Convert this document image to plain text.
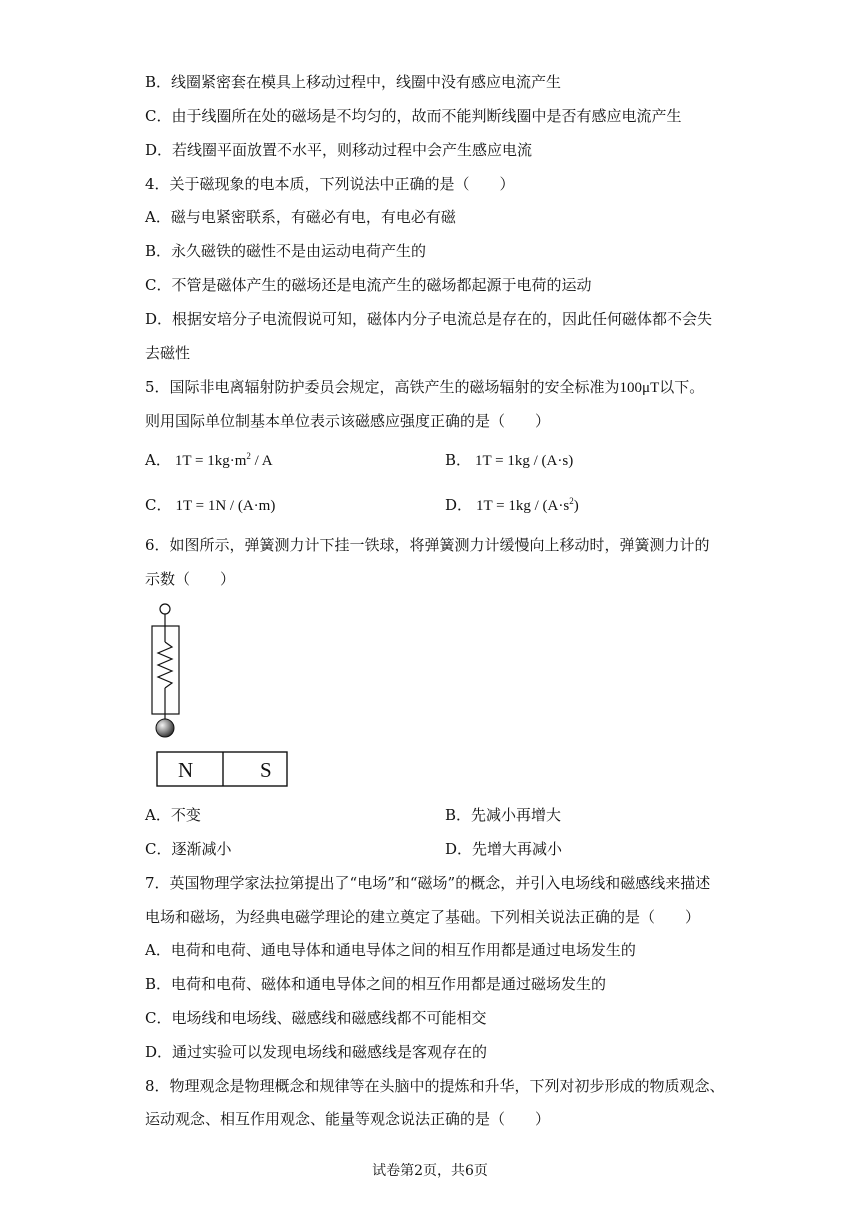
B．线圈紧密套在模具上移动过程中，线圈中没有感应电流产生
C．由于线圈所在处的磁场是不均匀的，故而不能判断线圈中是否有感应电流产生
D．若线圈平面放置不水平，则移动过程中会产生感应电流
4．关于磁现象的电本质，下列说法中正确的是（　　）
A．磁与电紧密联系，有磁必有电，有电必有磁
B．永久磁铁的磁性不是由运动电荷产生的
C．不管是磁体产生的磁场还是电流产生的磁场都起源于电荷的运动
D．根据安培分子电流假说可知，磁体内分子电流总是存在的，因此任何磁体都不会失
去磁性
5．国际非电离辐射防护委员会规定，高铁产生的磁场辐射的安全标准为100μT以下。
则用国际单位制基本单位表示该磁感应强度正确的是（　　）
A． $1T = 1kg\cdot m^2 / A$	B． 1T = 1kg / (A·s)
C． 1T = 1N / (A·m)	D． $1T = 1kg / (A\cdot s^2)$
6．如图所示，弹簧测力计下挂一铁球，将弹簧测力计缓慢向上移动时，弹簧测力计的
示数（　　）
N	S
A．不变	B．先减小再增大
C．逐渐减小	D．先增大再减小
7．英国物理学家法拉第提出了“电场”和“磁场”的概念，并引入电场线和磁感线来描述
电场和磁场，为经典电磁学理论的建立奠定了基础。下列相关说法正确的是（　　）
A．电荷和电荷、通电导体和通电导体之间的相互作用都是通过电场发生的
B．电荷和电荷、磁体和通电导体之间的相互作用都是通过磁场发生的
C．电场线和电场线、磁感线和磁感线都不可能相交
D．通过实验可以发现电场线和磁感线是客观存在的
8．物理观念是物理概念和规律等在头脑中的提炼和升华，下列对初步形成的物质观念、
运动观念、相互作用观念、能量等观念说法正确的是（　　）
试卷第2页，共6页
